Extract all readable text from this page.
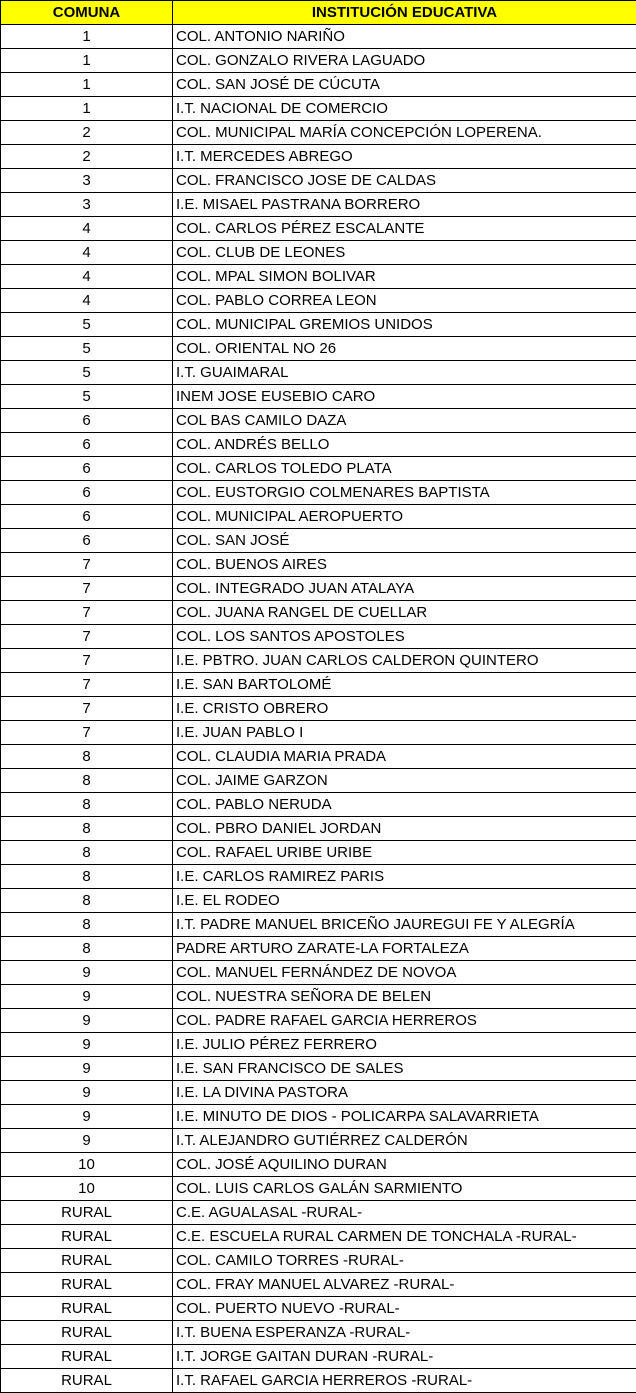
COMUNA	INSTITUCIÓN EDUCATIVA
1	COL. ANTONIO NARIÑO
1	COL. GONZALO RIVERA LAGUADO
1	COL. SAN JOSÉ DE CÚCUTA
1	I.T. NACIONAL DE COMERCIO
2	COL. MUNICIPAL MARÍA CONCEPCIÓN LOPERENA.
2	I.T. MERCEDES ABREGO
3	COL. FRANCISCO JOSE DE CALDAS
3	I.E. MISAEL PASTRANA BORRERO
4	COL. CARLOS PÉREZ ESCALANTE
4	COL. CLUB DE LEONES
4	COL. MPAL SIMON BOLIVAR
4	COL. PABLO CORREA LEON
5	COL. MUNICIPAL GREMIOS UNIDOS
5	COL. ORIENTAL NO 26
5	I.T. GUAIMARAL
5	INEM JOSE EUSEBIO CARO
6	COL BAS CAMILO DAZA
6	COL. ANDRÉS BELLO
6	COL. CARLOS TOLEDO PLATA
6	COL. EUSTORGIO COLMENARES BAPTISTA
6	COL. MUNICIPAL AEROPUERTO
6	COL. SAN JOSÉ
7	COL. BUENOS AIRES
7	COL. INTEGRADO JUAN ATALAYA
7	COL. JUANA RANGEL DE CUELLAR
7	COL. LOS SANTOS APOSTOLES
7	I.E. PBTRO. JUAN CARLOS CALDERON QUINTERO
7	I.E. SAN BARTOLOMÉ
7	I.E. CRISTO OBRERO
7	I.E. JUAN PABLO I
8	COL. CLAUDIA MARIA PRADA
8	COL. JAIME GARZON
8	COL. PABLO NERUDA
8	COL. PBRO DANIEL JORDAN
8	COL. RAFAEL URIBE URIBE
8	I.E. CARLOS RAMIREZ PARIS
8	I.E. EL RODEO
8	I.T. PADRE MANUEL BRICEÑO JAUREGUI FE Y ALEGRÍA
8	PADRE ARTURO ZARATE-LA FORTALEZA
9	COL. MANUEL FERNÁNDEZ DE NOVOA
9	COL. NUESTRA SEÑORA DE BELEN
9	COL. PADRE RAFAEL GARCIA HERREROS
9	I.E. JULIO PÉREZ FERRERO
9	I.E. SAN FRANCISCO DE SALES
9	I.E. LA DIVINA PASTORA
9	I.E. MINUTO DE DIOS - POLICARPA SALAVARRIETA
9	I.T. ALEJANDRO GUTIÉRREZ CALDERÓN
10	COL. JOSÉ AQUILINO DURAN
10	COL. LUIS CARLOS GALÁN SARMIENTO
RURAL	C.E. AGUALASAL -RURAL-
RURAL	C.E. ESCUELA RURAL CARMEN DE TONCHALA -RURAL-
RURAL	COL. CAMILO TORRES -RURAL-
RURAL	COL. FRAY MANUEL ALVAREZ -RURAL-
RURAL	COL. PUERTO NUEVO -RURAL-
RURAL	I.T. BUENA ESPERANZA -RURAL-
RURAL	I.T. JORGE GAITAN DURAN -RURAL-
RURAL	I.T. RAFAEL GARCIA HERREROS -RURAL-
